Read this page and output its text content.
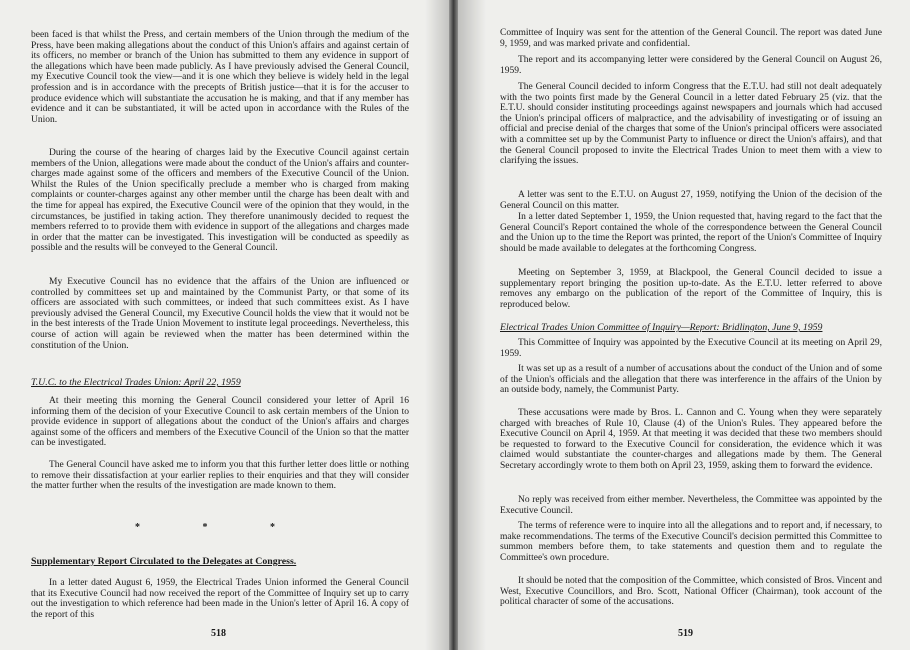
been faced is that whilst the Press, and certain members of the Union through the medium of the Press, have been making allegations about the conduct of this Union's affairs and against certain of its officers, no member or branch of the Union has submitted to them any evidence in support of the allegations which have been made publicly. As I have previously advised the General Council, my Executive Council took the view—and it is one which they believe is widely held in the legal profession and is in accordance with the precepts of British justice—that it is for the accuser to produce evidence which will substantiate the accusation he is making, and that if any member has evidence and it can be substantiated, it will be acted upon in accordance with the Rules of the Union.

During the course of the hearing of charges laid by the Executive Council against certain members of the Union, allegations were made about the conduct of the Union's affairs and counter-charges made against some of the officers and members of the Executive Council of the Union. Whilst the Rules of the Union specifically preclude a member who is charged from making complaints or counter-charges against any other member until the charge has been dealt with and the time for appeal has expired, the Executive Council were of the opinion that they would, in the circumstances, be justified in taking action. They therefore unanimously decided to request the members referred to to provide them with evidence in support of the allegations and charges made in order that the matter can be investigated. This investigation will be conducted as speedily as possible and the results will be conveyed to the General Council.

My Executive Council has no evidence that the affairs of the Union are influenced or controlled by committees set up and maintained by the Communist Party, or that some of its officers are associated with such committees, or indeed that such committees exist. As I have previously advised the General Council, my Executive Council holds the view that it would not be in the best interests of the Trade Union Movement to institute legal proceedings. Nevertheless, this course of action will again be reviewed when the matter has been determined within the constitution of the Union.

T.U.C. to the Electrical Trades Union: April 22, 1959

At their meeting this morning the General Council considered your letter of April 16 informing them of the decision of your Executive Council to ask certain members of the Union to provide evidence in support of allegations about the conduct of the Union's affairs and charges against some of the officers and members of the Executive Council of the Union so that the matter can be investigated.

The General Council have asked me to inform you that this further letter does little or nothing to remove their dissatisfaction at your earlier replies to their enquiries and that they will consider the matter further when the results of the investigation are made known to them.

* * *
Supplementary Report Circulated to the Delegates at Congress.

In a letter dated August 6, 1959, the Electrical Trades Union informed the General Council that its Executive Council had now received the report of the Committee of Inquiry set up to carry out the investigation to which reference had been made in the Union's letter of April 16. A copy of the report of this

518

Committee of Inquiry was sent for the attention of the General Council. The report was dated June 9, 1959, and was marked private and confidential.

The report and its accompanying letter were considered by the General Council on August 26, 1959.

The General Council decided to inform Congress that the E.T.U. had still not dealt adequately with the two points first made by the General Council in a letter dated February 25 (viz. that the E.T.U. should consider instituting proceedings against newspapers and journals which had accused the Union's principal officers of malpractice, and the advisability of investigating or of issuing an official and precise denial of the charges that some of the Union's principal officers were associated with a committee set up by the Communist Party to influence or direct the Union's affairs), and that the General Council proposed to invite the Electrical Trades Union to meet them with a view to clarifying the issues.

A letter was sent to the E.T.U. on August 27, 1959, notifying the Union of the decision of the General Council on this matter.

In a letter dated September 1, 1959, the Union requested that, having regard to the fact that the General Council's Report contained the whole of the correspondence between the General Council and the Union up to the time the Report was printed, the report of the Union's Committee of Inquiry should be made available to delegates at the forthcoming Congress.

Meeting on September 3, 1959, at Blackpool, the General Council decided to issue a supplementary report bringing the position up-to-date. As the E.T.U. letter referred to above removes any embargo on the publication of the report of the Committee of Inquiry, this is reproduced below.

Electrical Trades Union Committee of Inquiry—Report: Bridlington, June 9, 1959

This Committee of Inquiry was appointed by the Executive Council at its meeting on April 29, 1959.

It was set up as a result of a number of accusations about the conduct of the Union and of some of the Union's officials and the allegation that there was interference in the affairs of the Union by an outside body, namely, the Communist Party.

These accusations were made by Bros. L. Cannon and C. Young when they were separately charged with breaches of Rule 10, Clause (4) of the Union's Rules. They appeared before the Executive Council on April 4, 1959. At that meeting it was decided that these two members should be requested to forward to the Executive Council for consideration, the evidence which it was claimed would substantiate the counter-charges and allegations made by them. The General Secretary accordingly wrote to them both on April 23, 1959, asking them to forward the evidence.

No reply was received from either member. Nevertheless, the Committee was appointed by the Executive Council.

The terms of reference were to inquire into all the allegations and to report and, if necessary, to make recommendations. The terms of the Executive Council's decision permitted this Committee to summon members before them, to take statements and question them and to regulate the Committee's own procedure.

It should be noted that the composition of the Committee, which consisted of Bros. Vincent and West, Executive Councillors, and Bro. Scott, National Officer (Chairman), took account of the political character of some of the accusations.

519
